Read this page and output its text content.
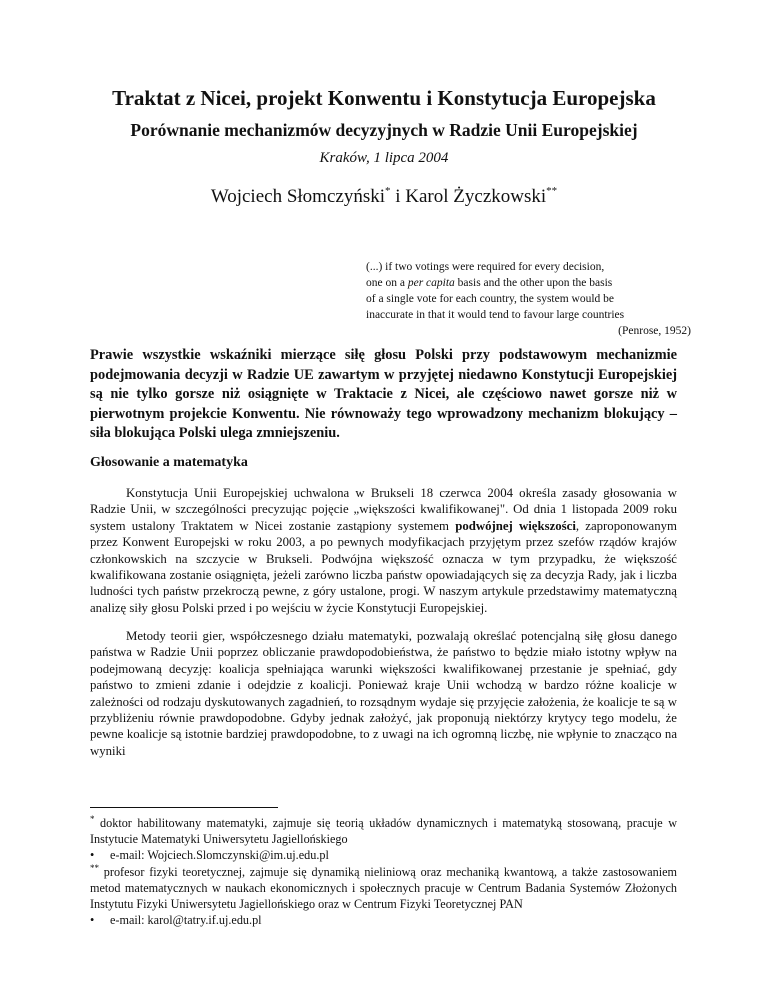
Traktat z Nicei, projekt Konwentu i Konstytucja Europejska
Porównanie mechanizmów decyzyjnych w Radzie Unii Europejskiej
Kraków, 1 lipca 2004
Wojciech Słomczyński* i Karol Życzkowski**

(...) if two votings were required for every decision,

one on a per capita basis and the other upon the basis

of a single vote for each country, the system would be

inaccurate in that it would tend to favour large countries

(Penrose, 1952)

Prawie wszystkie wskaźniki mierzące siłę głosu Polski przy podstawowym mechanizmie podejmowania decyzji w Radzie UE zawartym w przyjętej niedawno Konstytucji Europejskiej są nie tylko gorsze niż osiągnięte w Traktacie z Nicei, ale częściowo nawet gorsze niż w pierwotnym projekcie Konwentu. Nie równoważy tego wprowadzony mechanizm blokujący – siła blokująca Polski ulega zmniejszeniu.

Głosowanie a matematyka

Konstytucja Unii Europejskiej uchwalona w Brukseli 18 czerwca 2004 określa zasady głosowania w Radzie Unii, w szczególności precyzując pojęcie „większości kwalifikowanej". Od dnia 1 listopada 2009 roku system ustalony Traktatem w Nicei zostanie zastąpiony systemem podwójnej większości, zaproponowanym przez Konwent Europejski w roku 2003, a po pewnych modyfikacjach przyjętym przez szefów rządów krajów członkowskich na szczycie w Brukseli. Podwójna większość oznacza w tym przypadku, że większość kwalifikowana zostanie osiągnięta, jeżeli zarówno liczba państw opowiadających się za decyzja Rady, jak i liczba ludności tych państw przekroczą pewne, z góry ustalone, progi. W naszym artykule przedstawimy matematyczną analizę siły głosu Polski przed i po wejściu w życie Konstytucji Europejskiej.

Metody teorii gier, współczesnego działu matematyki, pozwalają określać potencjalną siłę głosu danego państwa w Radzie Unii poprzez obliczanie prawdopodobieństwa, że państwo to będzie miało istotny wpływ na podejmowaną decyzję: koalicja spełniająca warunki większości kwalifikowanej przestanie je spełniać, gdy państwo to zmieni zdanie i odejdzie z koalicji. Ponieważ kraje Unii wchodzą w bardzo różne koalicje w zależności od rodzaju dyskutowanych zagadnień, to rozsądnym wydaje się przyjęcie założenia, że koalicje te są w przybliżeniu równie prawdopodobne. Gdyby jednak założyć, jak proponują niektórzy krytycy tego modelu, że pewne koalicje są istotnie bardziej prawdopodobne, to z uwagi na ich ogromną liczbę, nie wpłynie to znacząco na wyniki

* doktor habilitowany matematyki, zajmuje się teorią układów dynamicznych i matematyką stosowaną, pracuje w Instytucie Matematyki Uniwersytetu Jagiellońskiego

• e-mail: Wojciech.Slomczynski@im.uj.edu.pl

** profesor fizyki teoretycznej, zajmuje się dynamiką nieliniową oraz mechaniką kwantową, a także zastosowaniem metod matematycznych w naukach ekonomicznych i społecznych pracuje w Centrum Badania Systemów Złożonych Instytutu Fizyki Uniwersytetu Jagiellońskiego oraz w Centrum Fizyki Teoretycznej PAN

• e-mail: karol@tatry.if.uj.edu.pl
